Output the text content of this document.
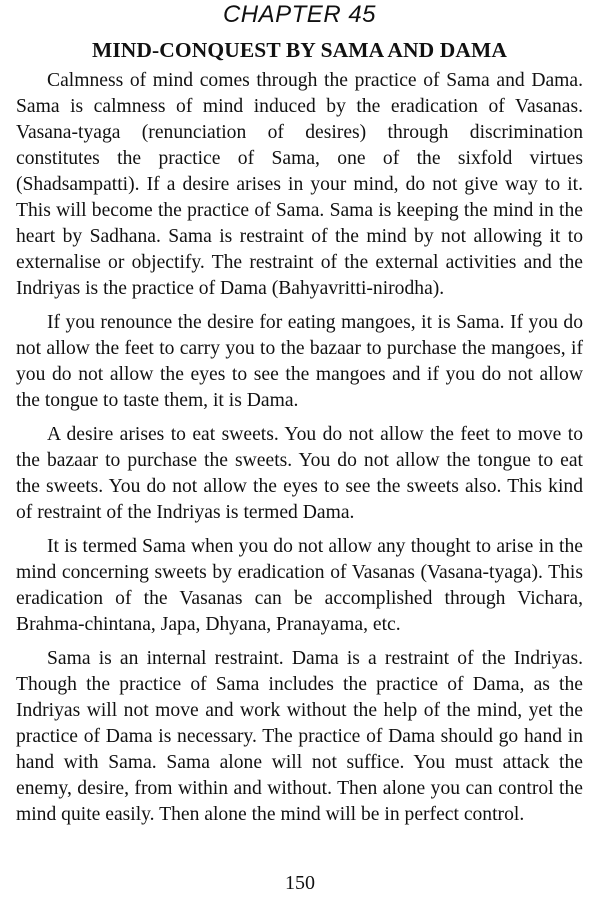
CHAPTER 45
MIND-CONQUEST BY SAMA AND DAMA

Calmness of mind comes through the practice of Sama and Dama. Sama is calmness of mind induced by the eradication of Vasanas. Vasana-tyaga (renunciation of desires) through discrimination constitutes the practice of Sama, one of the sixfold virtues (Shadsampatti). If a desire arises in your mind, do not give way to it. This will become the practice of Sama. Sama is keeping the mind in the heart by Sadhana. Sama is restraint of the mind by not allowing it to externalise or objectify. The restraint of the external activities and the Indriyas is the practice of Dama (Bahyavritti-nirodha).

If you renounce the desire for eating mangoes, it is Sama. If you do not allow the feet to carry you to the bazaar to purchase the mangoes, if you do not allow the eyes to see the mangoes and if you do not allow the tongue to taste them, it is Dama.

A desire arises to eat sweets. You do not allow the feet to move to the bazaar to purchase the sweets. You do not allow the tongue to eat the sweets. You do not allow the eyes to see the sweets also. This kind of restraint of the Indriyas is termed Dama.

It is termed Sama when you do not allow any thought to arise in the mind concerning sweets by eradication of Vasanas (Vasana-tyaga). This eradication of the Vasanas can be accomplished through Vichara, Brahma-chintana, Japa, Dhyana, Pranayama, etc.

Sama is an internal restraint. Dama is a restraint of the Indriyas. Though the practice of Sama includes the practice of Dama, as the Indriyas will not move and work without the help of the mind, yet the practice of Dama is necessary. The practice of Dama should go hand in hand with Sama. Sama alone will not suffice. You must attack the enemy, desire, from within and without. Then alone you can control the mind quite easily. Then alone the mind will be in perfect control.

150
